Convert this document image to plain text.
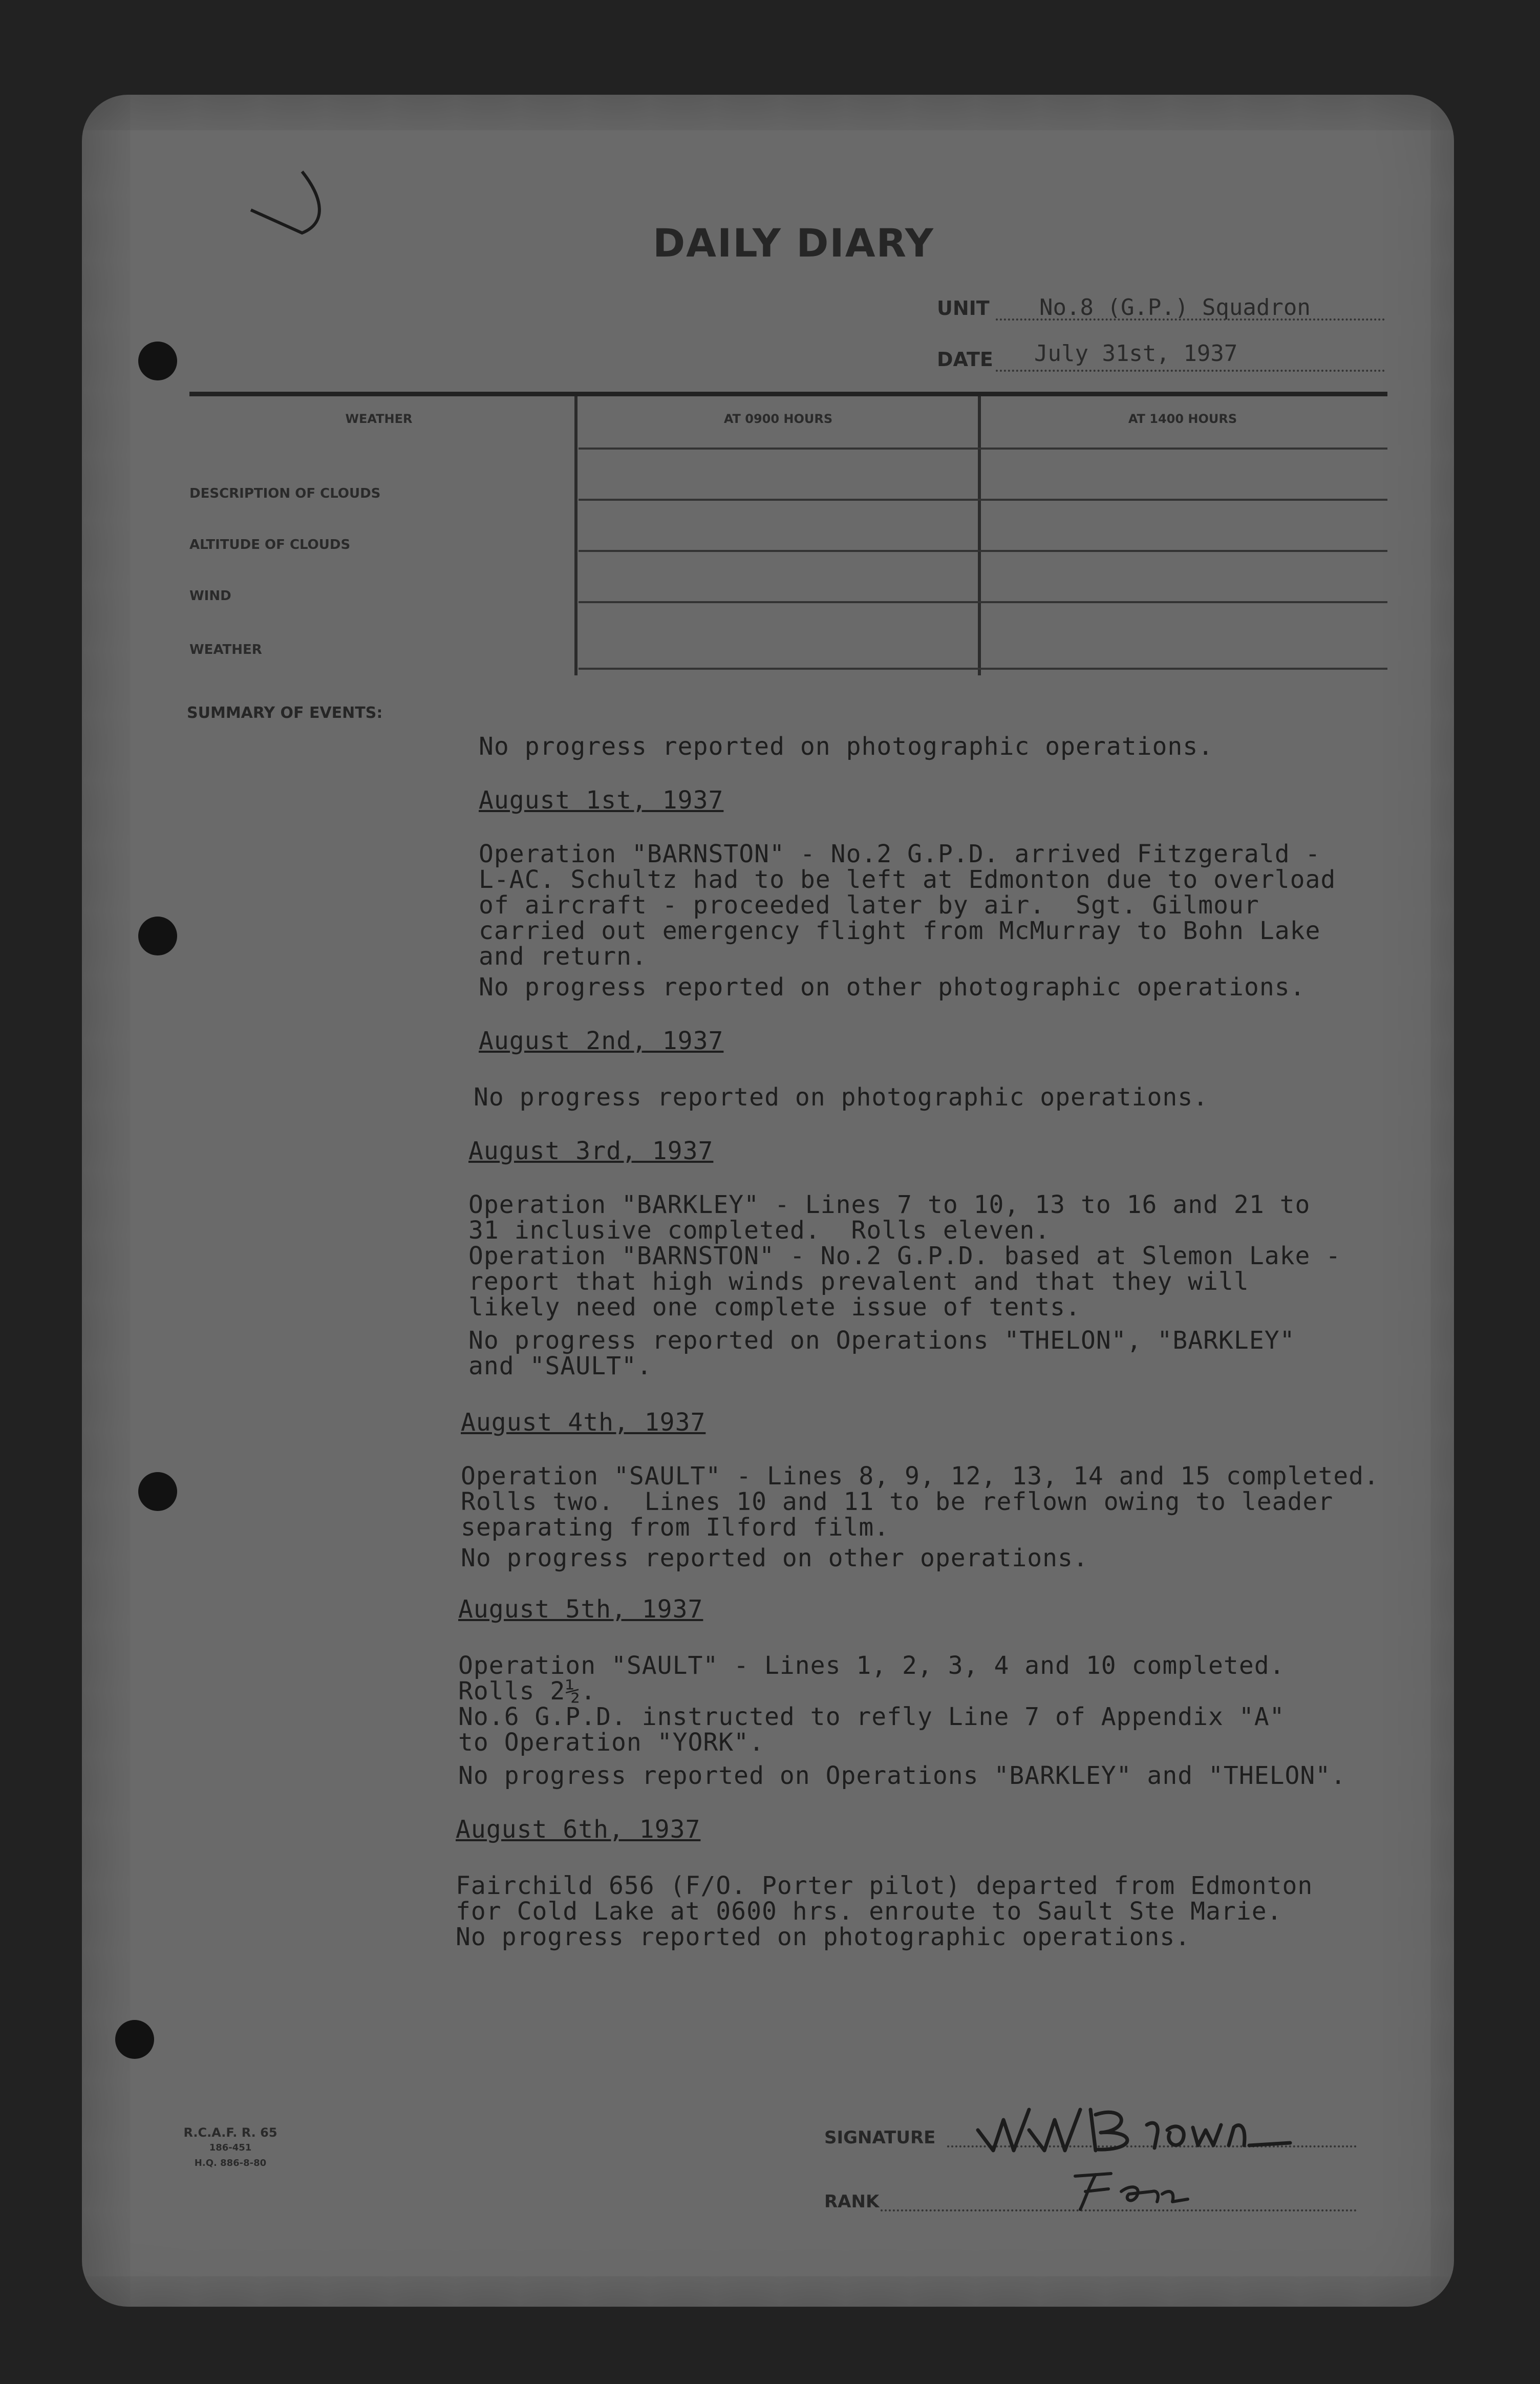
DAILY DIARY
UNIT No.8 (G.P.) Squadron
DATE July 31st, 1937
WEATHER	AT 0900 HOURS	AT 1400 HOURS
DESCRIPTION OF CLOUDS
ALTITUDE OF CLOUDS
WIND
WEATHER
SUMMARY OF EVENTS:
No progress reported on photographic operations.
August 1st, 1937
Operation "BARNSTON" - No.2 G.P.D. arrived Fitzgerald -
L-AC. Schultz had to be left at Edmonton due to overload
of aircraft - proceeded later by air.  Sgt. Gilmour
carried out emergency flight from McMurray to Bohn Lake
and return.
No progress reported on other photographic operations.
August 2nd, 1937
No progress reported on photographic operations.
August 3rd, 1937
Operation "BARKLEY" - Lines 7 to 10, 13 to 16 and 21 to
31 inclusive completed.  Rolls eleven.
Operation "BARNSTON" - No.2 G.P.D. based at Slemon Lake -
report that high winds prevalent and that they will
likely need one complete issue of tents.
No progress reported on Operations "THELON", "BARKLEY"
and "SAULT".
August 4th, 1937
Operation "SAULT" - Lines 8, 9, 12, 13, 14 and 15 completed.
Rolls two.  Lines 10 and 11 to be reflown owing to leader
separating from Ilford film.
No progress reported on other operations.
August 5th, 1937
Operation "SAULT" - Lines 1, 2, 3, 4 and 10 completed.
Rolls 2½.
No.6 G.P.D. instructed to refly Line 7 of Appendix "A"
to Operation "YORK".
No progress reported on Operations "BARKLEY" and "THELON".
August 6th, 1937
Fairchild 656 (F/O. Porter pilot) departed from Edmonton
for Cold Lake at 0600 hrs. enroute to Sault Ste Marie.
No progress reported on photographic operations.
R.C.A.F. R. 65
186-451
H.Q. 886-8-80
SIGNATURE
RANK
